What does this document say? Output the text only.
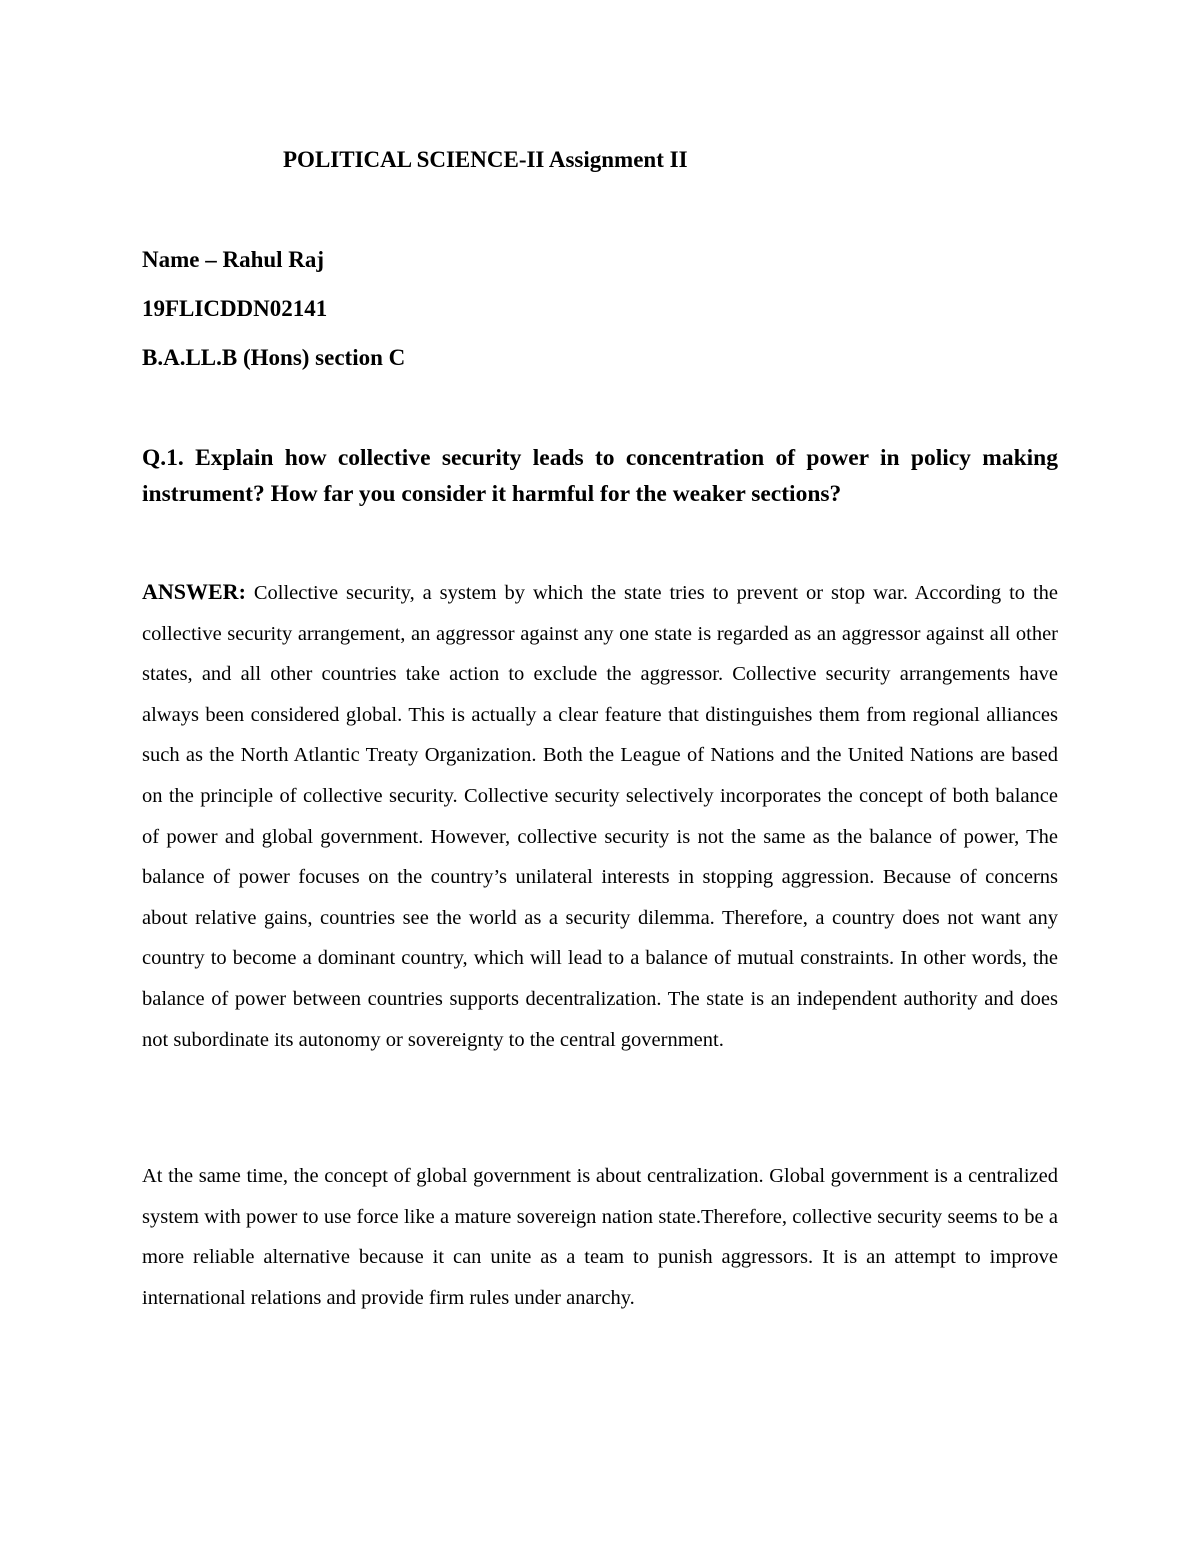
POLITICAL SCIENCE-II Assignment II
Name – Rahul Raj
19FLICDDN02141
B.A.LL.B (Hons) section C
Q.1. Explain how collective security leads to concentration of power in policy making instrument? How far you consider it harmful for the weaker sections?

ANSWER: Collective security, a system by which the state tries to prevent or stop war. According to the collective security arrangement, an aggressor against any one state is regarded as an aggressor against all other states, and all other countries take action to exclude the aggressor. Collective security arrangements have always been considered global. This is actually a clear feature that distinguishes them from regional alliances such as the North Atlantic Treaty Organization. Both the League of Nations and the United Nations are based on the principle of collective security. Collective security selectively incorporates the concept of both balance of power and global government. However, collective security is not the same as the balance of power, The balance of power focuses on the country’s unilateral interests in stopping aggression. Because of concerns about relative gains, countries see the world as a security dilemma. Therefore, a country does not want any country to become a dominant country, which will lead to a balance of mutual constraints. In other words, the balance of power between countries supports decentralization. The state is an independent authority and does not subordinate its autonomy or sovereignty to the central government.

At the same time, the concept of global government is about centralization. Global government is a centralized system with power to use force like a mature sovereign nation state.Therefore, collective security seems to be a more reliable alternative because it can unite as a team to punish aggressors. It is an attempt to improve international relations and provide firm rules under anarchy.
